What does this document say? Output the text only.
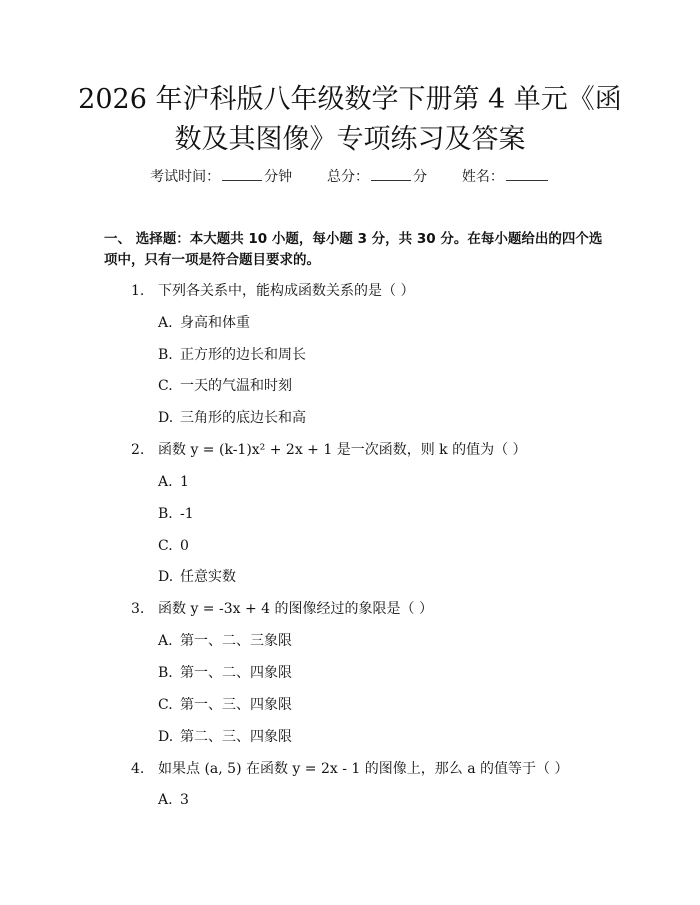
2026 年沪科版八年级数学下册第 4 单元《函
数及其图像》专项练习及答案
考试时间：	分钟 总分：	分 姓名：

一、 选择题：本大题共 10 小题，每小题 3 分，共 30 分。在每小题给出的四个选

项中，只有一项是符合题目要求的。

1. 下列各关系中，能构成函数关系的是（ ）
A. 身高和体重
B. 正方形的边长和周长
C. 一天的气温和时刻
D. 三角形的底边长和高
2. 函数 y = (k-1)x² + 2x + 1 是一次函数，则 k 的值为（ ）
A. 1
B. -1
C. 0
D. 任意实数
3. 函数 y = -3x + 4 的图像经过的象限是（ ）
A. 第一、二、三象限
B. 第一、二、四象限
C. 第一、三、四象限
D. 第二、三、四象限
4. 如果点 (a, 5) 在函数 y = 2x - 1 的图像上，那么 a 的值等于（ ）
A. 3
